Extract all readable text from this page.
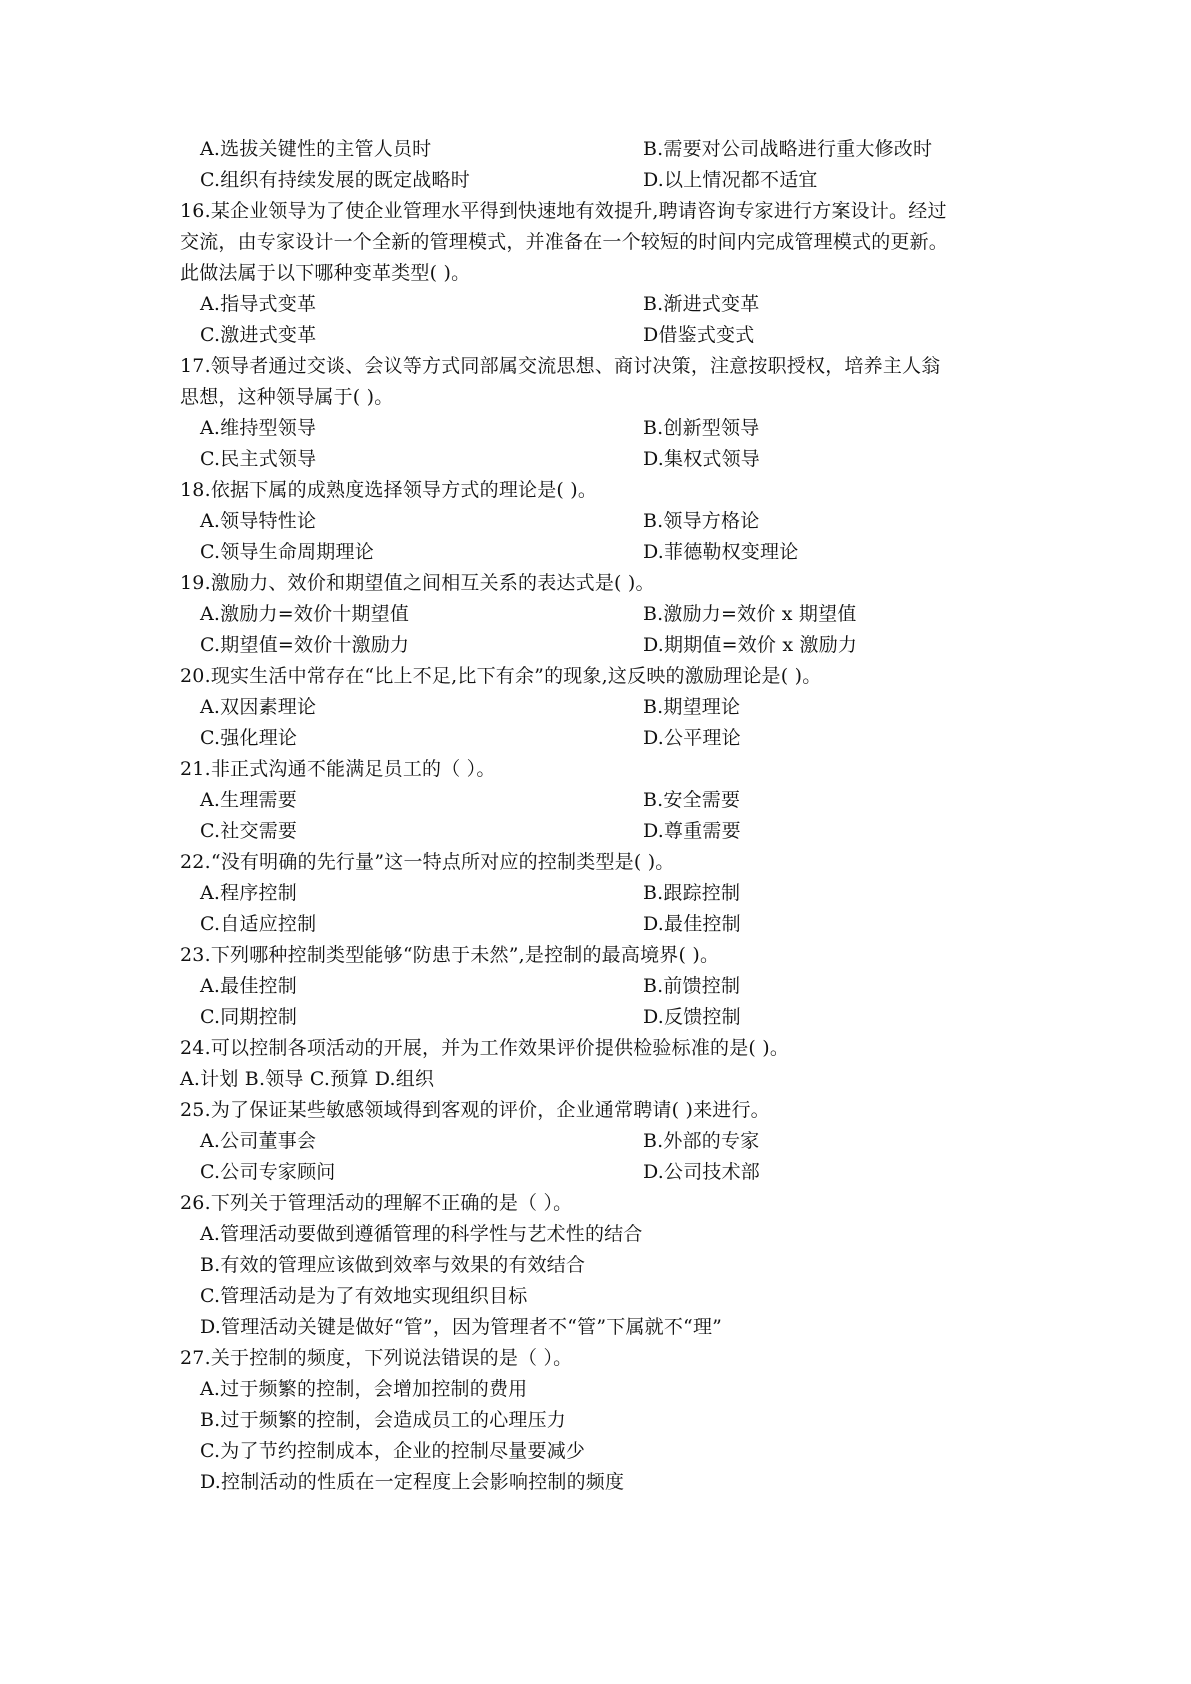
A.选拔关键性的主管人员时	B.需要对公司战略进行重大修改时
C.组织有持续发展的既定战略时	D.以上情况都不适宜
16.某企业领导为了使企业管理水平得到快速地有效提升,聘请咨询专家进行方案设计。经过
交流，由专家设计一个全新的管理模式，并准备在一个较短的时间内完成管理模式的更新。
此做法属于以下哪种变革类型( )。
A.指导式变革	B.渐进式变革
C.激进式变革	D借鉴式变式
17.领导者通过交谈、会议等方式同部属交流思想、商讨决策，注意按职授权，培养主人翁
思想，这种领导属于( )。
A.维持型领导	B.创新型领导
C.民主式领导	D.集权式领导
18.依据下属的成熟度选择领导方式的理论是( )。
A.领导特性论	B.领导方格论
C.领导生命周期理论	D.菲德勒权变理论
19.激励力、效价和期望值之间相互关系的表达式是( )。
A.激励力=效价十期望值	B.激励力=效价 x 期望值
C.期望值=效价十激励力	D.期期值=效价 x 激励力
20.现实生活中常存在“比上不足,比下有余”的现象,这反映的激励理论是( )。
A.双因素理论	B.期望理论
C.强化理论	D.公平理论
21.非正式沟通不能满足员工的（ ）。
A.生理需要	B.安全需要
C.社交需要	D.尊重需要
22.“没有明确的先行量”这一特点所对应的控制类型是( )。
A.程序控制	B.跟踪控制
C.自适应控制	D.最佳控制
23.下列哪种控制类型能够“防患于未然”,是控制的最高境界( )。
A.最佳控制	B.前馈控制
C.同期控制	D.反馈控制
24.可以控制各项活动的开展，并为工作效果评价提供检验标准的是( )。
A.计划 B.领导 C.预算 D.组织
25.为了保证某些敏感领域得到客观的评价，企业通常聘请( )来进行。
A.公司董事会	B.外部的专家
C.公司专家顾问	D.公司技术部
26.下列关于管理活动的理解不正确的是（ ）。
A.管理活动要做到遵循管理的科学性与艺术性的结合
B.有效的管理应该做到效率与效果的有效结合
C.管理活动是为了有效地实现组织目标
D.管理活动关键是做好“管”，因为管理者不“管”下属就不“理”
27.关于控制的频度，下列说法错误的是（ ）。
A.过于频繁的控制，会增加控制的费用
B.过于频繁的控制，会造成员工的心理压力
C.为了节约控制成本，企业的控制尽量要减少
D.控制活动的性质在一定程度上会影响控制的频度
